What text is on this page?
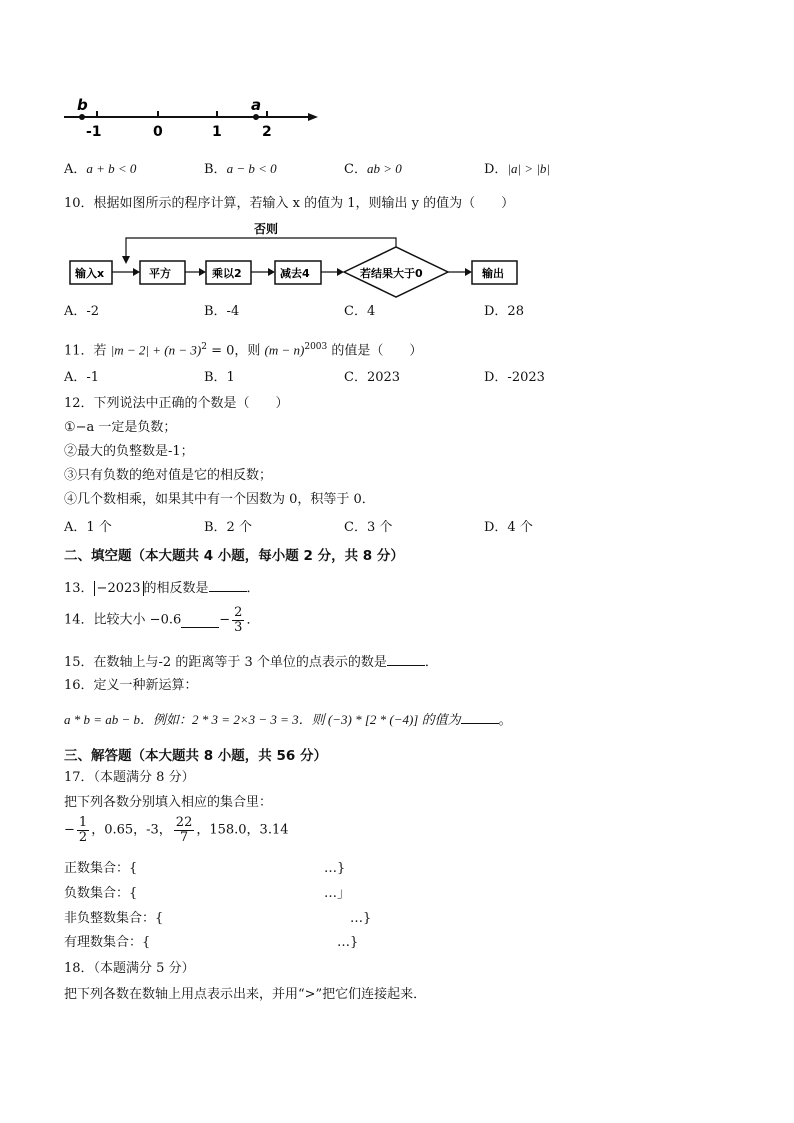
b	a
-1	0	1	2
A．a + b < 0	B．a − b < 0	C．ab > 0	D．|a| > |b|
10．根据如图所示的程序计算，若输入 x 的值为 1，则输出 y 的值为（　　）
否则
输入x	平方	乘以2	减去4	若结果大于0	输出
A．-2	B．-4	C．4	D．28
11．若 $|m - 2| + (n - 3)^2 = 0$，则 $(m - n)^{2003}$ 的值是（　　）
A．-1	B．1	C．2023	D．-2023
12．下列说法中正确的个数是（　　）
①−a 一定是负数；
②最大的负整数是-1；
③只有负数的绝对值是它的相反数；
④几个数相乘，如果其中有一个因数为 0，积等于 0．
A．1 个	B．2 个	C．3 个	D．4 个
二、填空题（本大题共 4 小题，每小题 2 分，共 8 分）
13． −2023 的相反数是	．
14．比较大小 −0.6	− $\frac{2}{3}$ ．
15．在数轴上与-2 的距离等于 3 个单位的点表示的数是	．
16．定义一种新运算：
a * b = ab − b．例如：2 * 3 = 2×3 − 3 = 3．则 (−3) * [2 * (−4)] 的值为	。
三、解答题（本大题共 8 小题，共 56 分）
17．（本题满分 8 分）
把下列各数分别填入相应的集合里：
− $\frac{1}{2}$ ，0.65，-3， $\frac{22}{7}$ ，158.0，3.14
正数集合：{	…}
负数集合：{	…」
非负整数集合：{	…}
有理数集合：{	…}
18．（本题满分 5 分）
把下列各数在数轴上用点表示出来，并用“>”把它们连接起来．
